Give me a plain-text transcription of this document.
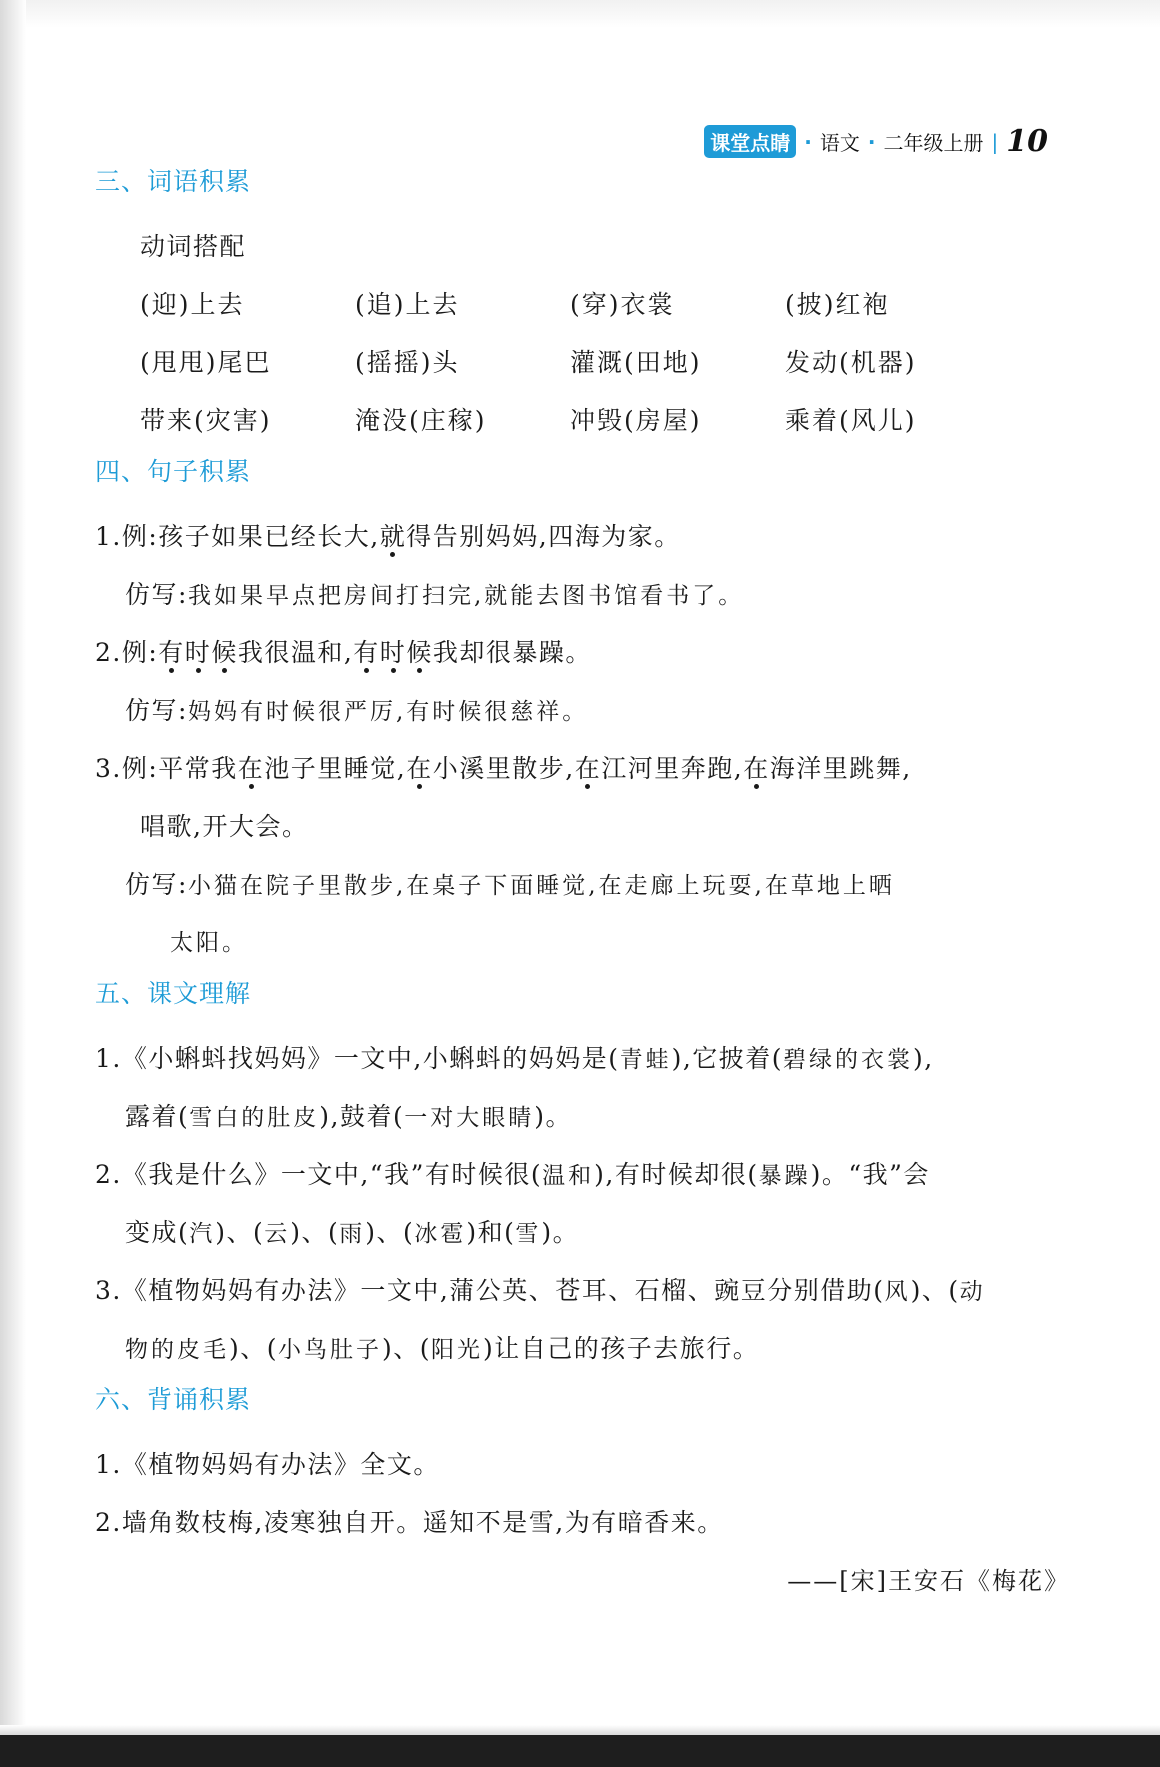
课堂点睛 · 语文 · 二年级上册 | 10
三、词语积累
动词搭配
(迎)上去	(追)上去	(穿)衣裳	(披)红袍
(甩甩)尾巴	(摇摇)头	灌溉(田地)	发动(机器)
带来(灾害)	淹没(庄稼)	冲毁(房屋)	乘着(风儿)
四、句子积累
1.例:孩子如果已经长大,就得告别妈妈,四海为家。
仿写:我如果早点把房间打扫完,就能去图书馆看书了。
2.例:有时候我很温和,有时候我却很暴躁。
仿写:妈妈有时候很严厉,有时候很慈祥。
3.例:平常我在池子里睡觉,在小溪里散步,在江河里奔跑,在海洋里跳舞,
唱歌,开大会。
仿写:小猫在院子里散步,在桌子下面睡觉,在走廊上玩耍,在草地上晒
太阳。
五、课文理解
1.《小蝌蚪找妈妈》一文中,小蝌蚪的妈妈是(青蛙),它披着(碧绿的衣裳),
露着(雪白的肚皮),鼓着(一对大眼睛)。
2.《我是什么》一文中,“我”有时候很(温和),有时候却很(暴躁)。“我”会
变成(汽)、(云)、(雨)、(冰雹)和(雪)。
3.《植物妈妈有办法》一文中,蒲公英、苍耳、石榴、豌豆分别借助(风)、(动
物的皮毛)、(小鸟肚子)、(阳光)让自己的孩子去旅行。
六、背诵积累
1.《植物妈妈有办法》全文。
2.墙角数枝梅,凌寒独自开。遥知不是雪,为有暗香来。
——[宋]王安石《梅花》
